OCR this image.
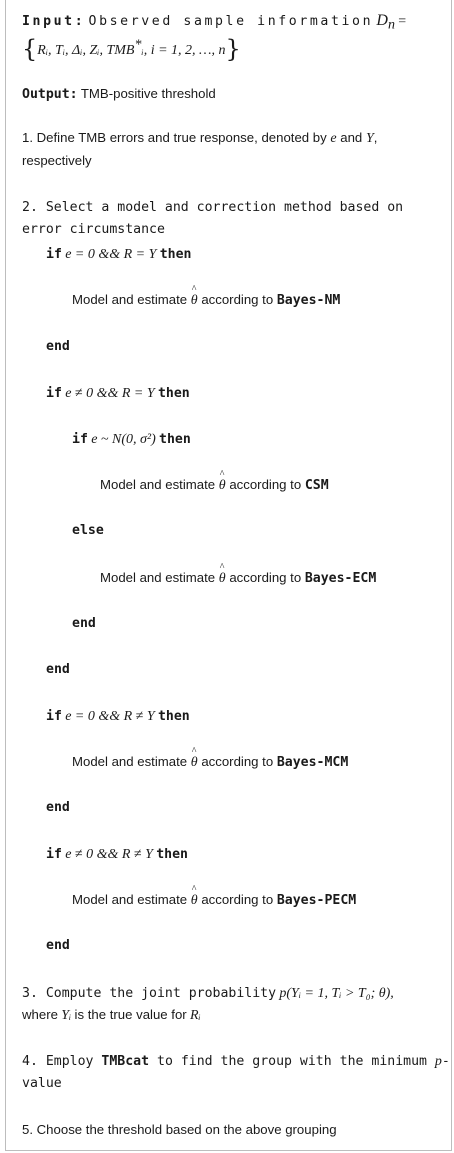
Input: Observed sample information $D_n$ =
{Rᵢ, Tᵢ, Δᵢ, Zᵢ, TMB*ᵢ, i = 1, 2, …, n}
Output: TMB-positive threshold
1. Define TMB errors and true response, denoted by e and Y,
respectively
2. Select a model and correction method based on
error circumstance
if e = 0 && R = Y then
Model and estimate ^ θ according to Bayes-NM
end
if e ≠ 0 && R = Y then
if e ~ N(0, σ²) then
Model and estimate ^ θ according to CSM
else
Model and estimate ^ θ according to Bayes-ECM
end
end
if e = 0 && R ≠ Y then
Model and estimate ^ θ according to Bayes-MCM
end
if e ≠ 0 && R ≠ Y then
Model and estimate ^ θ according to Bayes-PECM
end
3. Compute the joint probability p(Yᵢ = 1, Tᵢ > T₀; θ),
where Yᵢ is the true value for Rᵢ
4. Employ TMBcat to find the group with the minimum p-
value
5. Choose the threshold based on the above grouping
